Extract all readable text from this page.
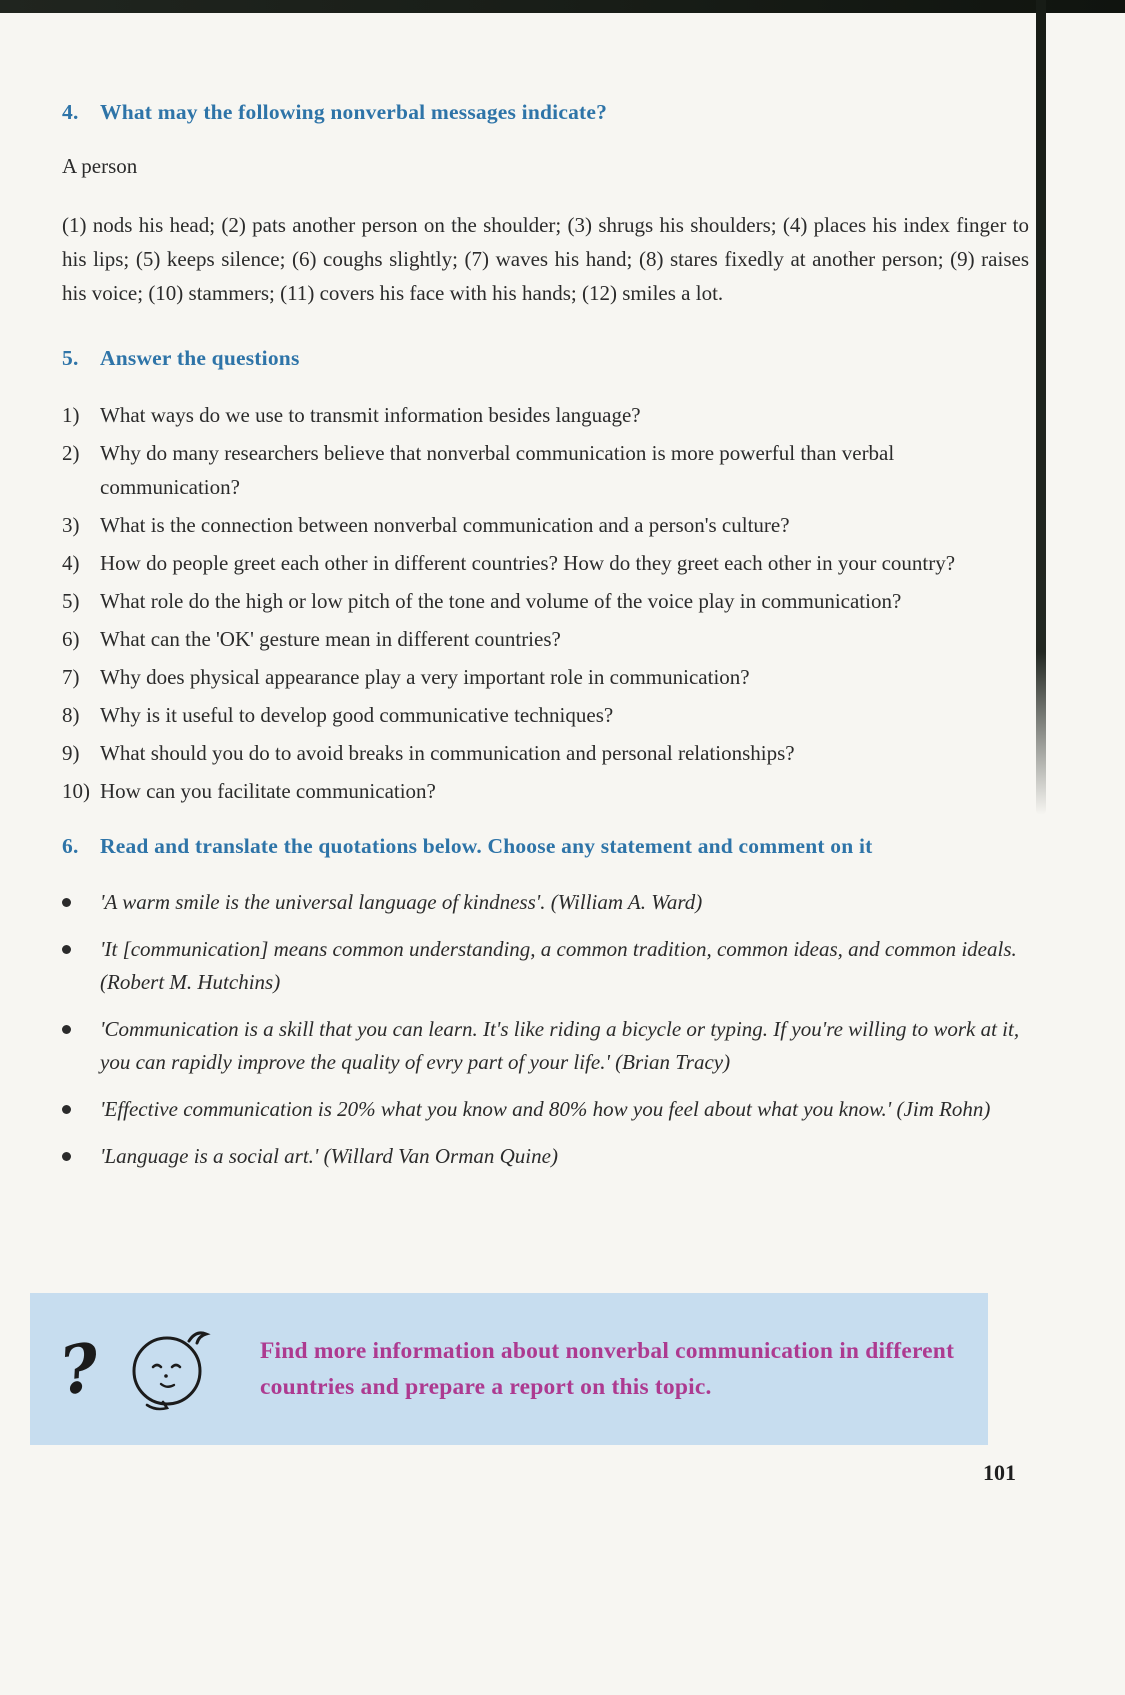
4. What may the following nonverbal messages indicate?

A person

(1) nods his head; (2) pats another person on the shoulder; (3) shrugs his shoulders; (4) places his index finger to his lips; (5) keeps silence; (6) coughs slightly; (7) waves his hand; (8) stares fixedly at another person; (9) raises his voice; (10) stammers; (11) covers his face with his hands; (12) smiles a lot.

5. Answer the questions
1) What ways do we use to transmit information besides language?
2) Why do many researchers believe that nonverbal communication is more powerful than verbal communication?
3) What is the connection between nonverbal communication and a person's culture?
4) How do people greet each other in different countries? How do they greet each other in your country?
5) What role do the high or low pitch of the tone and volume of the voice play in communication?
6) What can the 'OK' gesture mean in different countries?
7) Why does physical appearance play a very important role in communication?
8) Why is it useful to develop good communicative techniques?
9) What should you do to avoid breaks in communication and personal relationships?
10) How can you facilitate communication?
6. Read and translate the quotations below. Choose any statement and comment on it
'A warm smile is the universal language of kindness'. (William A. Ward)
'It [communication] means common understanding, a common tradition, common ideas, and common ideals. (Robert M. Hutchins)
'Communication is a skill that you can learn. It's like riding a bicycle or typing. If you're willing to work at it, you can rapidly improve the quality of evry part of your life.' (Brian Tracy)
'Effective communication is 20% what you know and 80% how you feel about what you know.' (Jim Rohn)
'Language is a social art.' (Willard Van Orman Quine)
?	Find more information about nonverbal communication in different countries and prepare a report on this topic.

101
